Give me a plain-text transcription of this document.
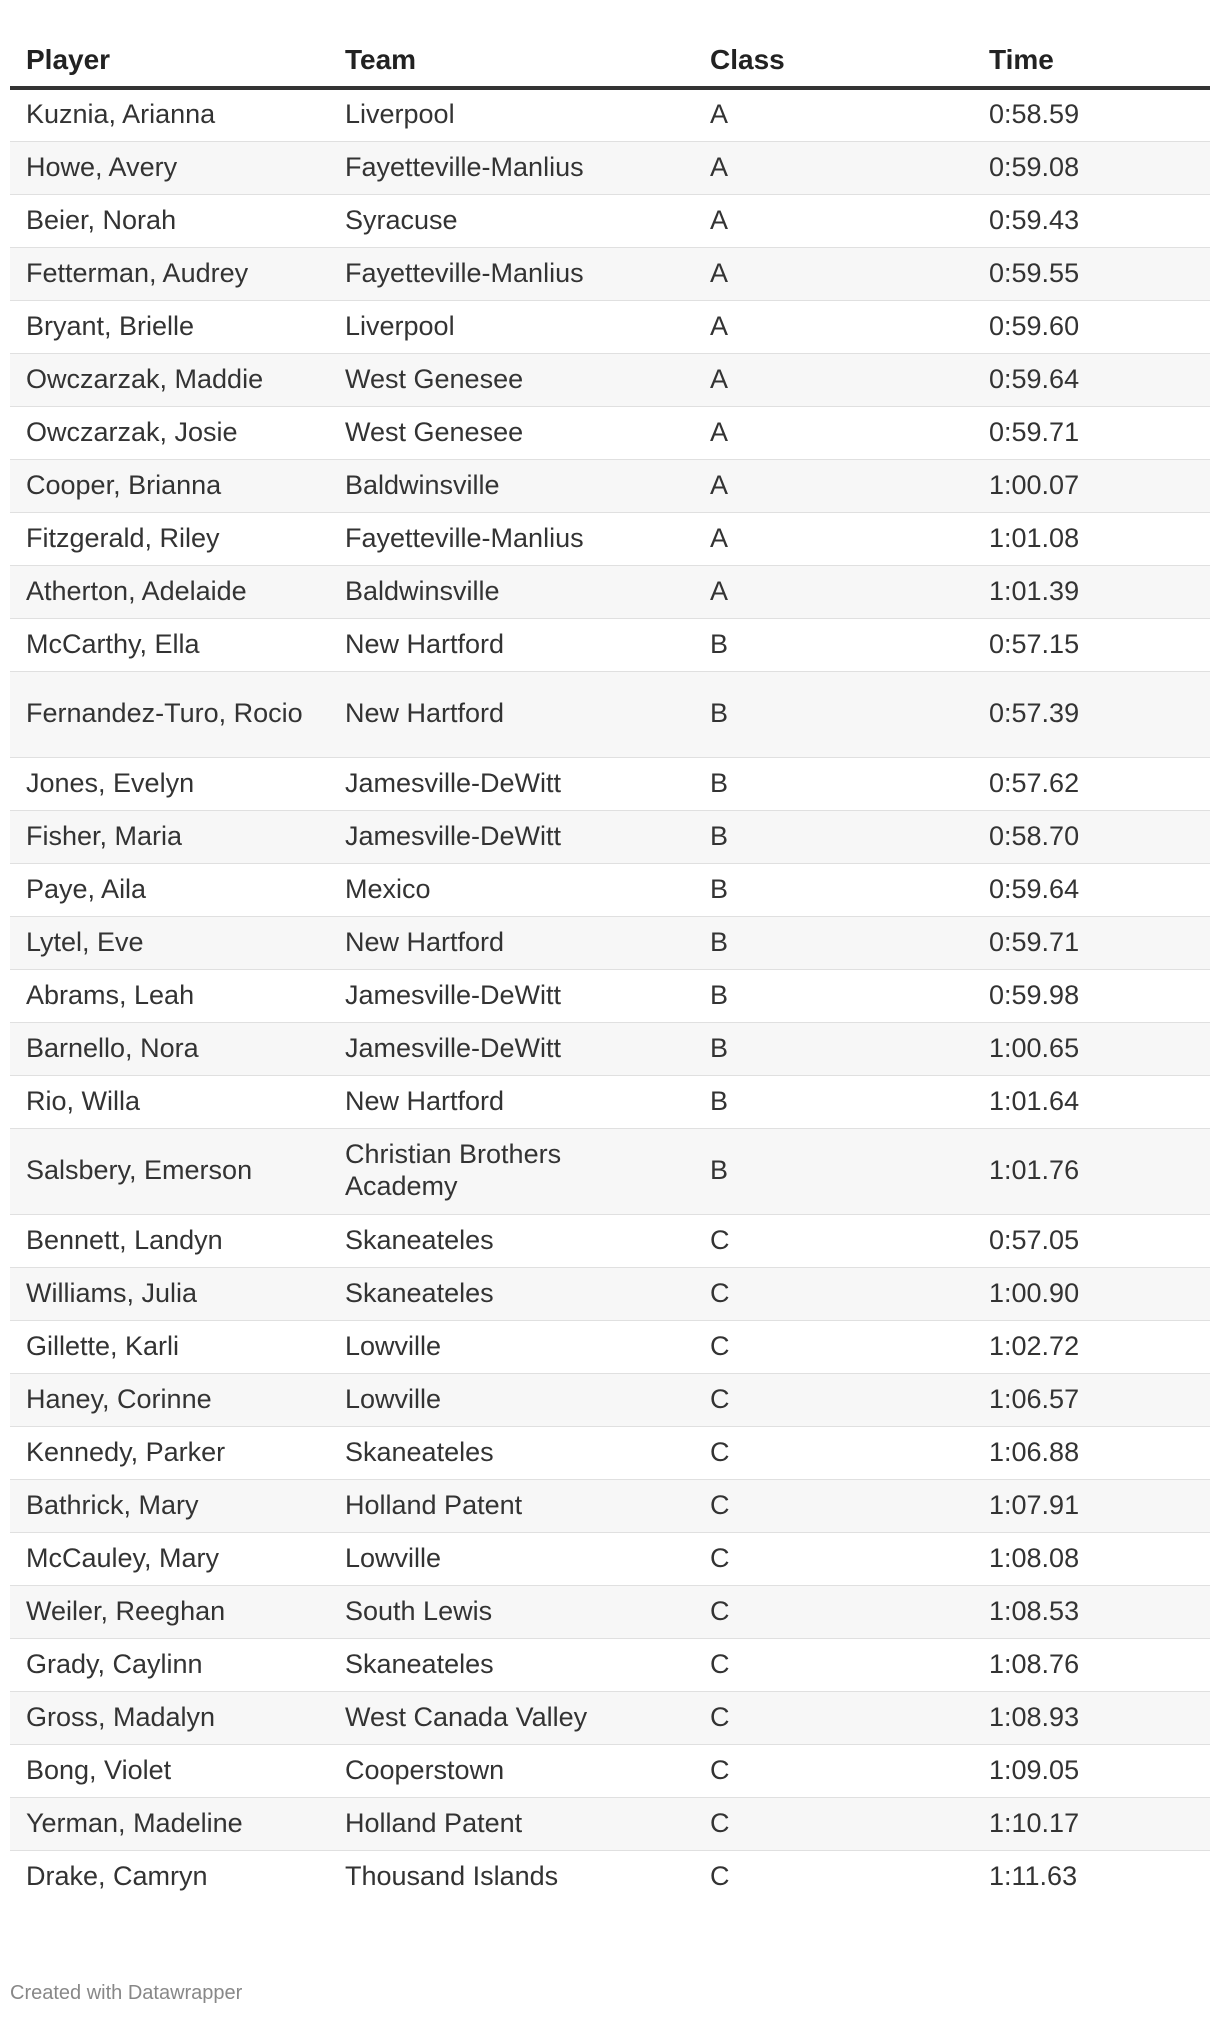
Player	Team	Class	Time
Kuznia, Arianna	Liverpool	A	0:58.59
Howe, Avery	Fayetteville-Manlius	A	0:59.08
Beier, Norah	Syracuse	A	0:59.43
Fetterman, Audrey	Fayetteville-Manlius	A	0:59.55
Bryant, Brielle	Liverpool	A	0:59.60
Owczarzak, Maddie	West Genesee	A	0:59.64
Owczarzak, Josie	West Genesee	A	0:59.71
Cooper, Brianna	Baldwinsville	A	1:00.07
Fitzgerald, Riley	Fayetteville-Manlius	A	1:01.08
Atherton, Adelaide	Baldwinsville	A	1:01.39
McCarthy, Ella	New Hartford	B	0:57.15
Fernandez-Turo, Rocio	New Hartford	B	0:57.39
Jones, Evelyn	Jamesville-DeWitt	B	0:57.62
Fisher, Maria	Jamesville-DeWitt	B	0:58.70
Paye, Aila	Mexico	B	0:59.64
Lytel, Eve	New Hartford	B	0:59.71
Abrams, Leah	Jamesville-DeWitt	B	0:59.98
Barnello, Nora	Jamesville-DeWitt	B	1:00.65
Rio, Willa	New Hartford	B	1:01.64
Salsbery, Emerson	Christian Brothers Academy	B	1:01.76
Bennett, Landyn	Skaneateles	C	0:57.05
Williams, Julia	Skaneateles	C	1:00.90
Gillette, Karli	Lowville	C	1:02.72
Haney, Corinne	Lowville	C	1:06.57
Kennedy, Parker	Skaneateles	C	1:06.88
Bathrick, Mary	Holland Patent	C	1:07.91
McCauley, Mary	Lowville	C	1:08.08
Weiler, Reeghan	South Lewis	C	1:08.53
Grady, Caylinn	Skaneateles	C	1:08.76
Gross, Madalyn	West Canada Valley	C	1:08.93
Bong, Violet	Cooperstown	C	1:09.05
Yerman, Madeline	Holland Patent	C	1:10.17
Drake, Camryn	Thousand Islands	C	1:11.63
Created with Datawrapper
